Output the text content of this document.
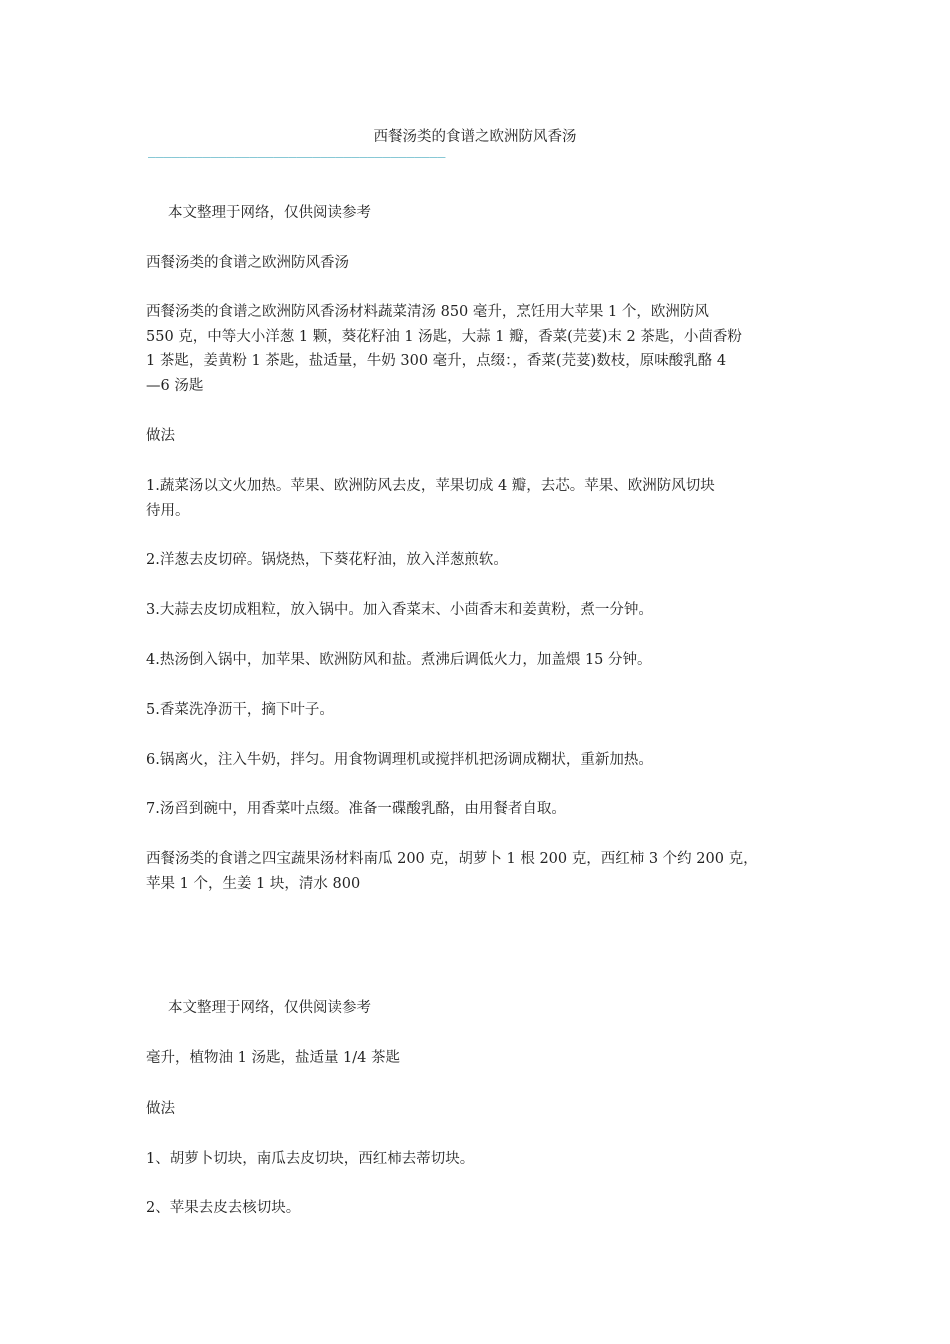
西餐汤类的食谱之欧洲防风香汤
——————————————————————————————————————

本文整理于网络，仅供阅读参考

西餐汤类的食谱之欧洲防风香汤

西餐汤类的食谱之欧洲防风香汤材料蔬菜清汤 850 毫升，烹饪用大苹果 1 个，欧洲防风
550 克，中等大小洋葱 1 颗，葵花籽油 1 汤匙，大蒜 1 瓣，香菜(芫荽)末 2 茶匙，小茴香粉
1 茶匙，姜黄粉 1 茶匙，盐适量，牛奶 300 毫升，点缀：，香菜(芫荽)数枝，原味酸乳酪 4
—6 汤匙

做法

1.蔬菜汤以文火加热。苹果、欧洲防风去皮，苹果切成 4 瓣，去芯。苹果、欧洲防风切块
待用。

2.洋葱去皮切碎。锅烧热，下葵花籽油，放入洋葱煎软。

3.大蒜去皮切成粗粒，放入锅中。加入香菜末、小茴香末和姜黄粉，煮一分钟。

4.热汤倒入锅中，加苹果、欧洲防风和盐。煮沸后调低火力，加盖煨 15 分钟。

5.香菜洗净沥干，摘下叶子。

6.锅离火，注入牛奶，拌匀。用食物调理机或搅拌机把汤调成糊状，重新加热。

7.汤舀到碗中，用香菜叶点缀。准备一碟酸乳酪，由用餐者自取。

西餐汤类的食谱之四宝蔬果汤材料南瓜 200 克，胡萝卜 1 根 200 克，西红柿 3 个约 200 克，
苹果 1 个，生姜 1 块，清水 800

本文整理于网络，仅供阅读参考

毫升，植物油 1 汤匙，盐适量 1/4 茶匙

做法

1、胡萝卜切块，南瓜去皮切块，西红柿去蒂切块。

2、苹果去皮去核切块。
